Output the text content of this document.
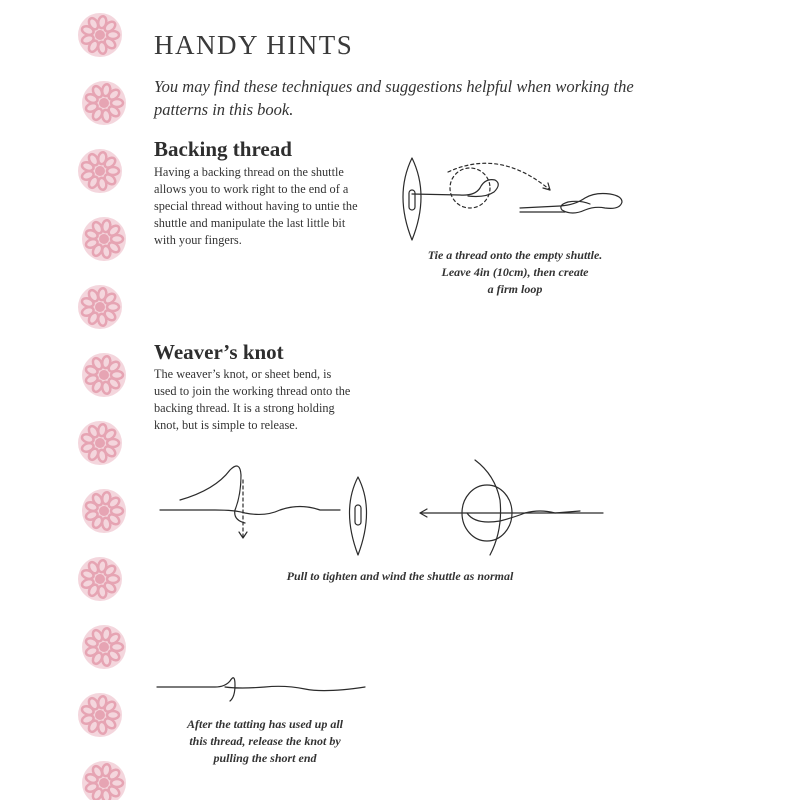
HANDY HINTS

You may find these techniques and suggestions helpful when working the patterns in this book.

Backing thread

Having a backing thread on the shuttle
allows you to work right to the end of a
special thread without having to untie the
shuttle and manipulate the last little bit
with your fingers.

Tie a thread onto the empty shuttle.
Leave 4in (10cm), then create
a firm loop

Weaver’s knot

The weaver’s knot, or sheet bend, is
used to join the working thread onto the
backing thread. It is a strong holding
knot, but is simple to release.

Pull to tighten and wind the shuttle as normal

After the tatting has used up all
this thread, release the knot by
pulling the short end
